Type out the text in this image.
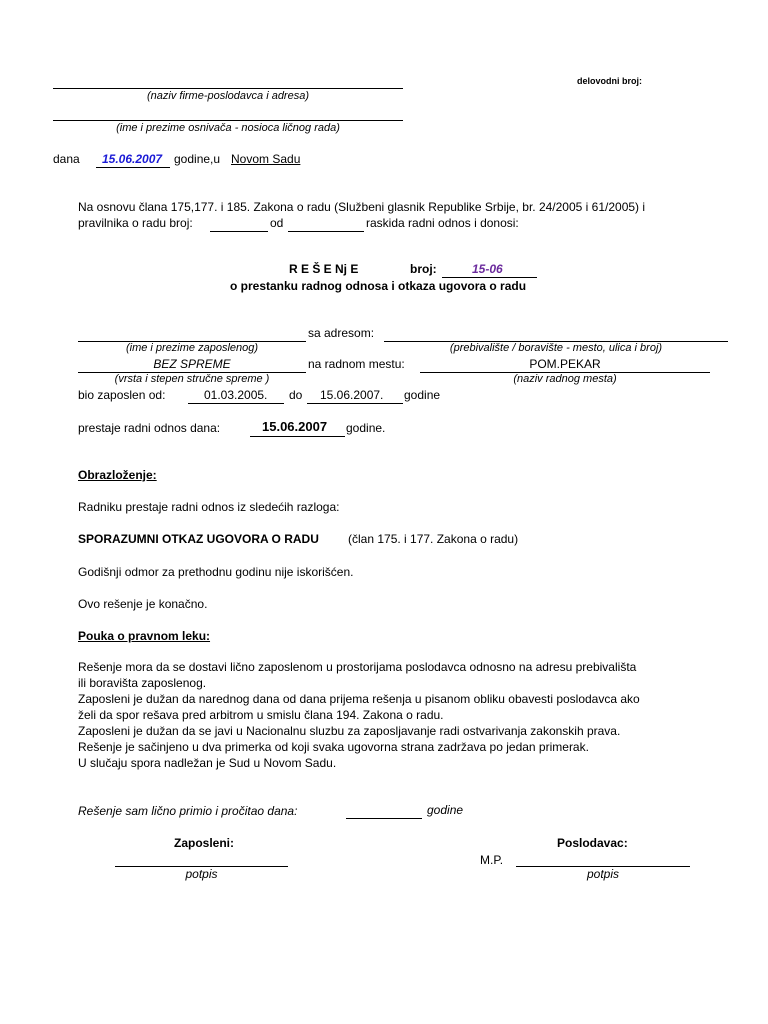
delovodni broj:
(naziv firme-poslodavca i adresa)
(ime i prezime osnivača - nosioca ličnog rada)
dana 15.06.2007 godine,u Novom Sadu
Na osnovu člana 175,177. i 185. Zakona o radu (Službeni glasnik Republike Srbije, br. 24/2005 i 61/2005) i
pravilnika o radu broj:	od	raskida radni odnos i donosi:
R E Š E Nj E	broj:	15-06
o prestanku radnog odnosa i otkaza ugovora o radu
sa adresom:
(ime i prezime zaposlenog)	(prebivalište / boravište - mesto, ulica i broj)
BEZ SPREME	na radnom mestu:	POM.PEKAR
(vrsta i stepen stručne spreme )	(naziv radnog mesta)
bio zaposlen od:	01.03.2005. do 15.06.2007. godine
prestaje radni odnos dana:	15.06.2007 godine.
Obrazloženje:
Radniku prestaje radni odnos iz sledećih razloga:
SPORAZUMNI OTKAZ UGOVORA O RADU (član 175. i 177. Zakona o radu)
Godišnji odmor za prethodnu godinu nije iskorišćen.
Ovo rešenje je konačno.
Pouka o pravnom leku:
Rešenje mora da se dostavi lično zaposlenom u prostorijama poslodavca odnosno na adresu prebivališta
ili boravišta zaposlenog.
Zaposleni je dužan da narednog dana od dana prijema rešenja u pisanom obliku obavesti poslodavca ako
želi da spor rešava pred arbitrom u smislu člana 194. Zakona o radu.
Zaposleni je dužan da se javi u Nacionalnu sluzbu za zaposljavanje radi ostvarivanja zakonskih prava.
Rešenje je sačinjeno u dva primerka od koji svaka ugovorna strana zadržava po jedan primerak.
U slučaju spora nadležan je Sud u Novom Sadu.
Rešenje sam lično primio i pročitao dana:	godine
Zaposleni:	Poslodavac:
M.P.
potpis	potpis
